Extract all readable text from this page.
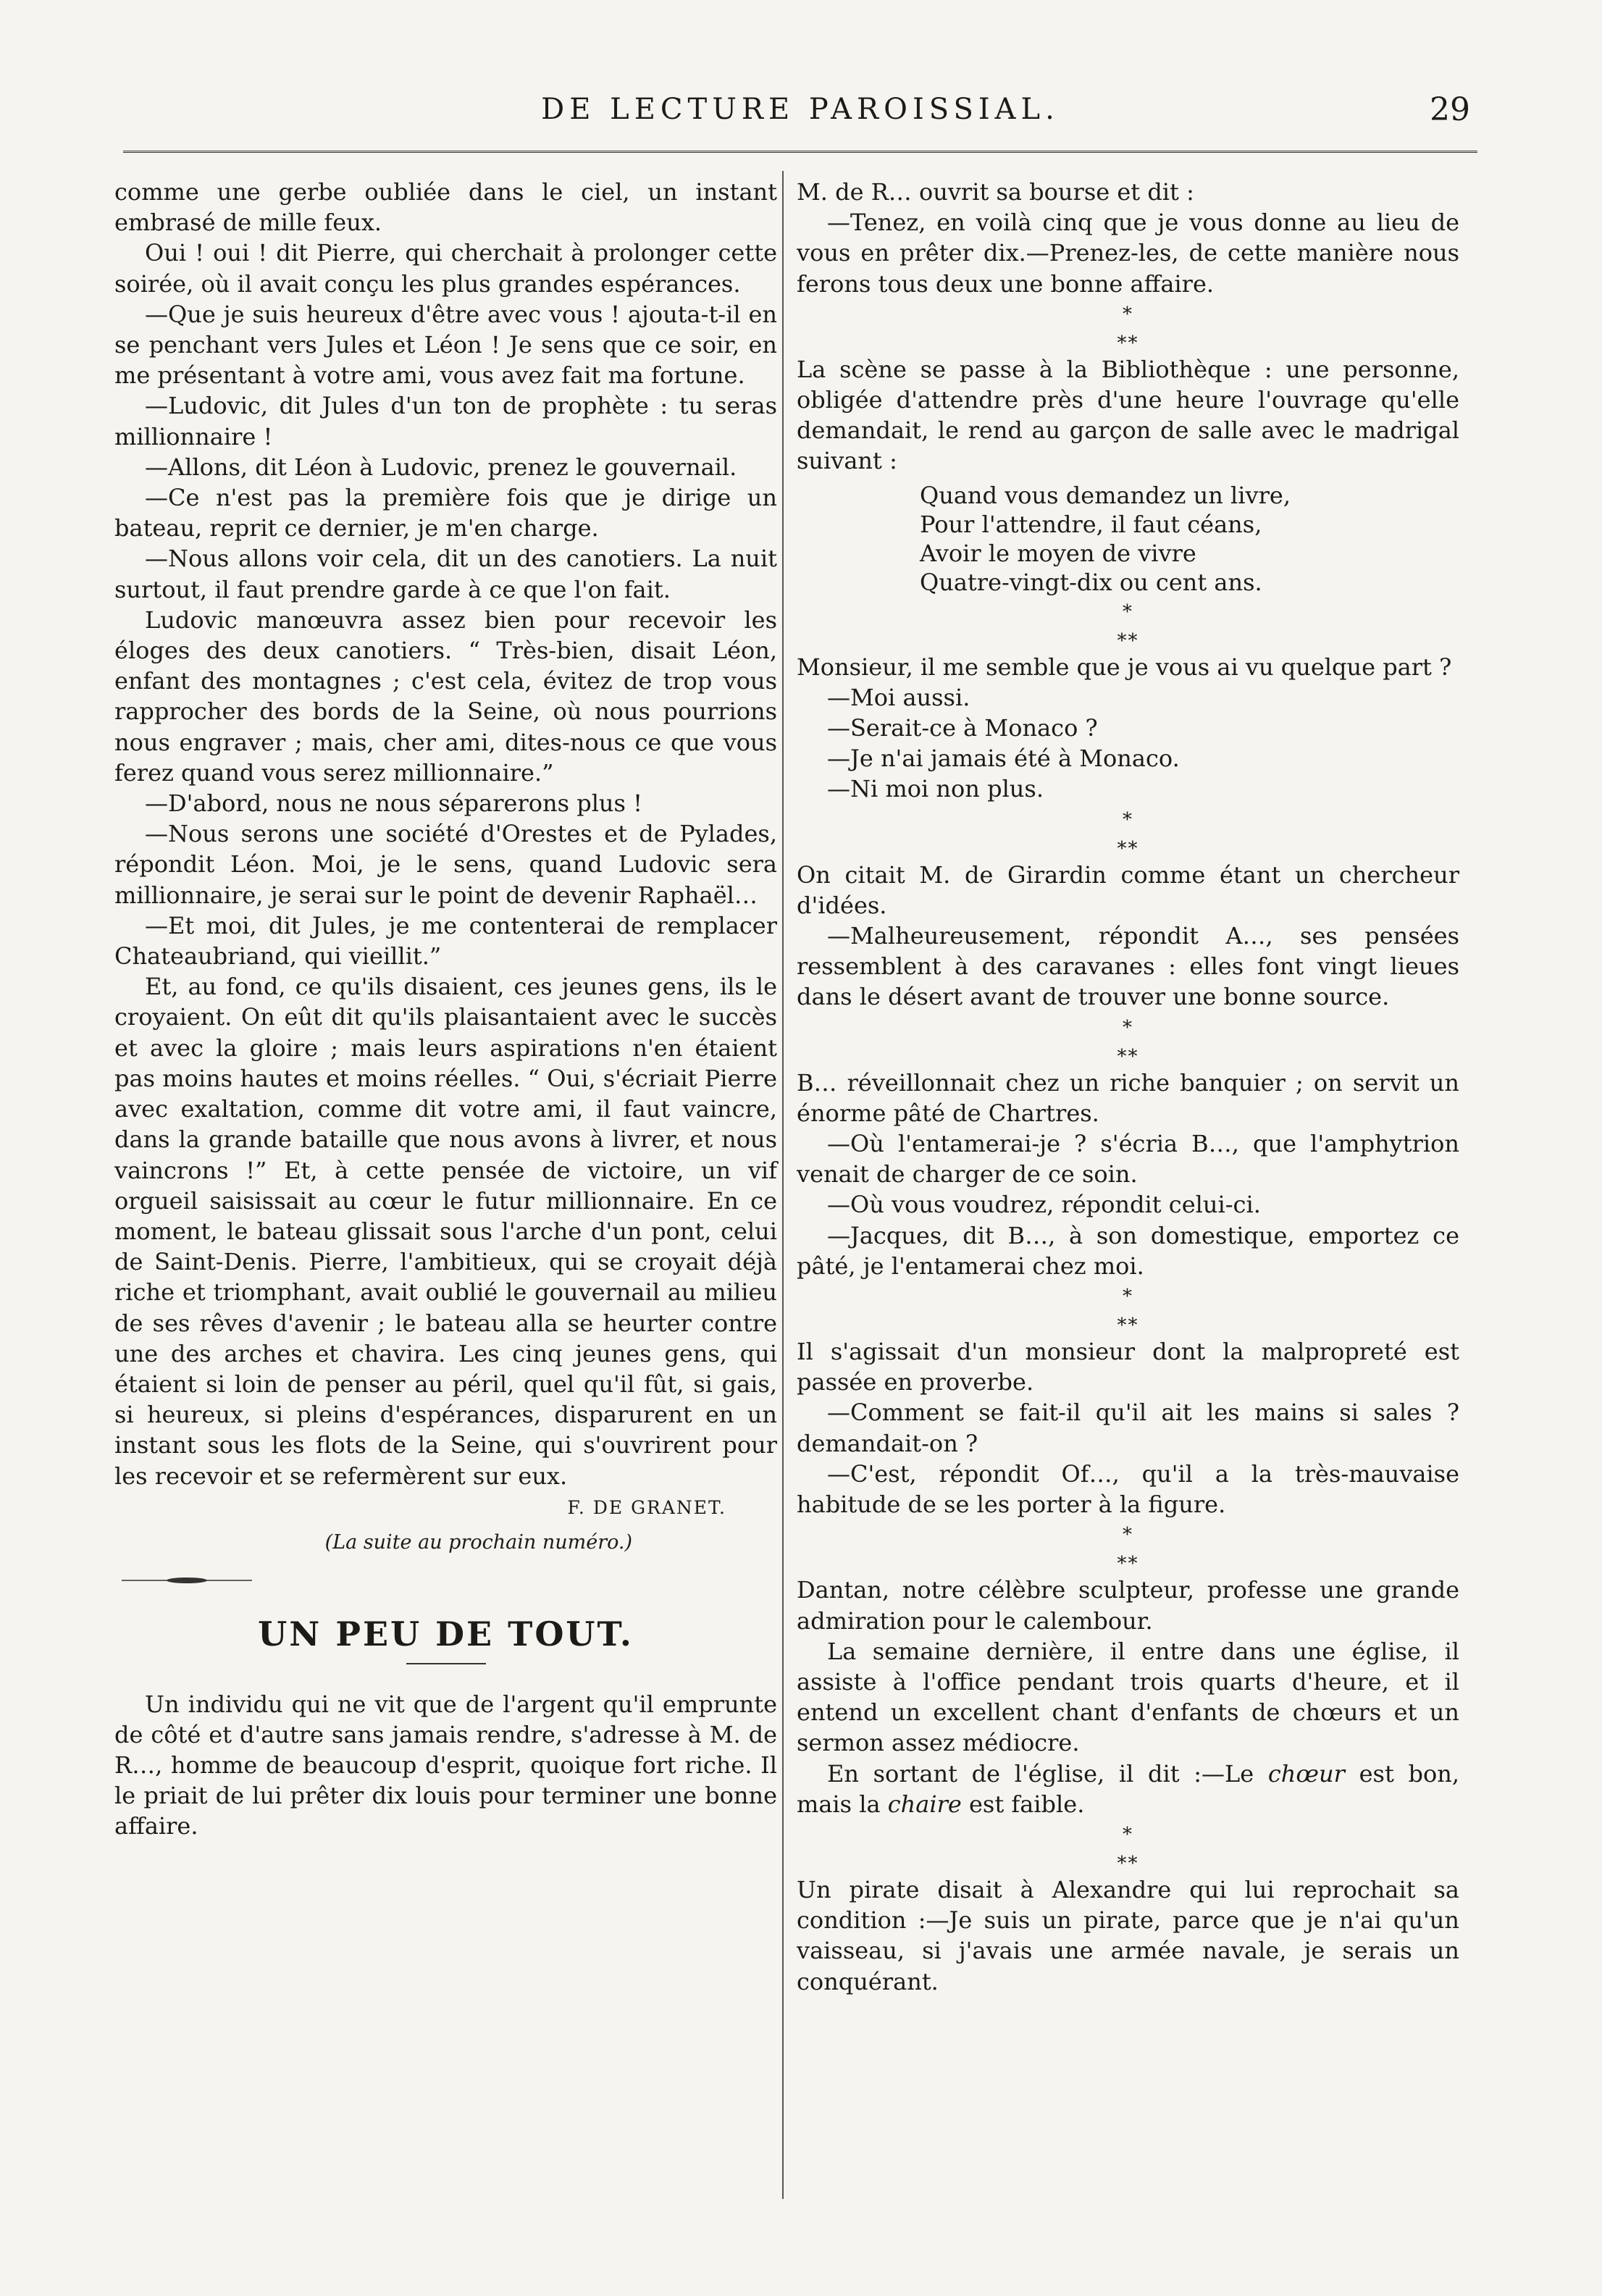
DE LECTURE PAROISSIAL.	29

comme une gerbe oubliée dans le ciel, un instant embrasé de mille feux.

Oui ! oui ! dit Pierre, qui cherchait à prolonger cette soirée, où il avait conçu les plus grandes espérances.

—Que je suis heureux d'être avec vous ! ajouta-t-il en se penchant vers Jules et Léon ! Je sens que ce soir, en me présentant à votre ami, vous avez fait ma fortune.

—Ludovic, dit Jules d'un ton de prophète : tu seras millionnaire !

—Allons, dit Léon à Ludovic, prenez le gouvernail.

—Ce n'est pas la première fois que je dirige un bateau, reprit ce dernier, je m'en charge.

—Nous allons voir cela, dit un des canotiers. La nuit surtout, il faut prendre garde à ce que l'on fait.

Ludovic manœuvra assez bien pour recevoir les éloges des deux canotiers. “ Très-bien, disait Léon, enfant des montagnes ; c'est cela, évitez de trop vous rapprocher des bords de la Seine, où nous pourrions nous engraver ; mais, cher ami, dites-nous ce que vous ferez quand vous serez millionnaire.”

—D'abord, nous ne nous séparerons plus !

—Nous serons une société d'Orestes et de Pylades, répondit Léon. Moi, je le sens, quand Ludovic sera millionnaire, je serai sur le point de devenir Raphaël…

—Et moi, dit Jules, je me contenterai de remplacer Chateaubriand, qui vieillit.”

Et, au fond, ce qu'ils disaient, ces jeunes gens, ils le croyaient. On eût dit qu'ils plaisantaient avec le succès et avec la gloire ; mais leurs aspirations n'en étaient pas moins hautes et moins réelles. “ Oui, s'écriait Pierre avec exaltation, comme dit votre ami, il faut vaincre, dans la grande bataille que nous avons à livrer, et nous vaincrons !” Et, à cette pensée de victoire, un vif orgueil saisissait au cœur le futur millionnaire. En ce moment, le bateau glissait sous l'arche d'un pont, celui de Saint-Denis. Pierre, l'ambitieux, qui se croyait déjà riche et triomphant, avait oublié le gouvernail au milieu de ses rêves d'avenir ; le bateau alla se heurter contre une des arches et chavira. Les cinq jeunes gens, qui étaient si loin de penser au péril, quel qu'il fût, si gais, si heureux, si pleins d'espérances, disparurent en un instant sous les flots de la Seine, qui s'ouvrirent pour les recevoir et se refermèrent sur eux.

F. DE GRANET.

(La suite au prochain numéro.)

UN PEU DE TOUT.

Un individu qui ne vit que de l'argent qu'il emprunte de côté et d'autre sans jamais rendre, s'adresse à M. de R…, homme de beaucoup d'esprit, quoique fort riche. Il le priait de lui prêter dix louis pour terminer une bonne affaire.

M. de R… ouvrit sa bourse et dit :

—Tenez, en voilà cinq que je vous donne au lieu de vous en prêter dix.—Prenez-les, de cette manière nous ferons tous deux une bonne affaire.

*
**

La scène se passe à la Bibliothèque : une personne, obligée d'attendre près d'une heure l'ouvrage qu'elle demandait, le rend au garçon de salle avec le madrigal suivant :

Quand vous demandez un livre,
Pour l'attendre, il faut céans,
Avoir le moyen de vivre
Quatre-vingt-dix ou cent ans.
*
**

Monsieur, il me semble que je vous ai vu quelque part ?

—Moi aussi.

—Serait-ce à Monaco ?

—Je n'ai jamais été à Monaco.

—Ni moi non plus.

*
**

On citait M. de Girardin comme étant un chercheur d'idées.

—Malheureusement, répondit A…, ses pensées ressemblent à des caravanes : elles font vingt lieues dans le désert avant de trouver une bonne source.

*
**

B… réveillonnait chez un riche banquier ; on servit un énorme pâté de Chartres.

—Où l'entamerai-je ? s'écria B…, que l'amphytrion venait de charger de ce soin.

—Où vous voudrez, répondit celui-ci.

—Jacques, dit B…, à son domestique, emportez ce pâté, je l'entamerai chez moi.

*
**

Il s'agissait d'un monsieur dont la malpropreté est passée en proverbe.

—Comment se fait-il qu'il ait les mains si sales ? demandait-on ?

—C'est, répondit Of…, qu'il a la très-mauvaise habitude de se les porter à la figure.

*
**

Dantan, notre célèbre sculpteur, professe une grande admiration pour le calembour.

La semaine dernière, il entre dans une église, il assiste à l'office pendant trois quarts d'heure, et il entend un excellent chant d'enfants de chœurs et un sermon assez médiocre.

En sortant de l'église, il dit :—Le chœur est bon, mais la chaire est faible.

*
**

Un pirate disait à Alexandre qui lui reprochait sa condition :—Je suis un pirate, parce que je n'ai qu'un vaisseau, si j'avais une armée navale, je serais un conquérant.
